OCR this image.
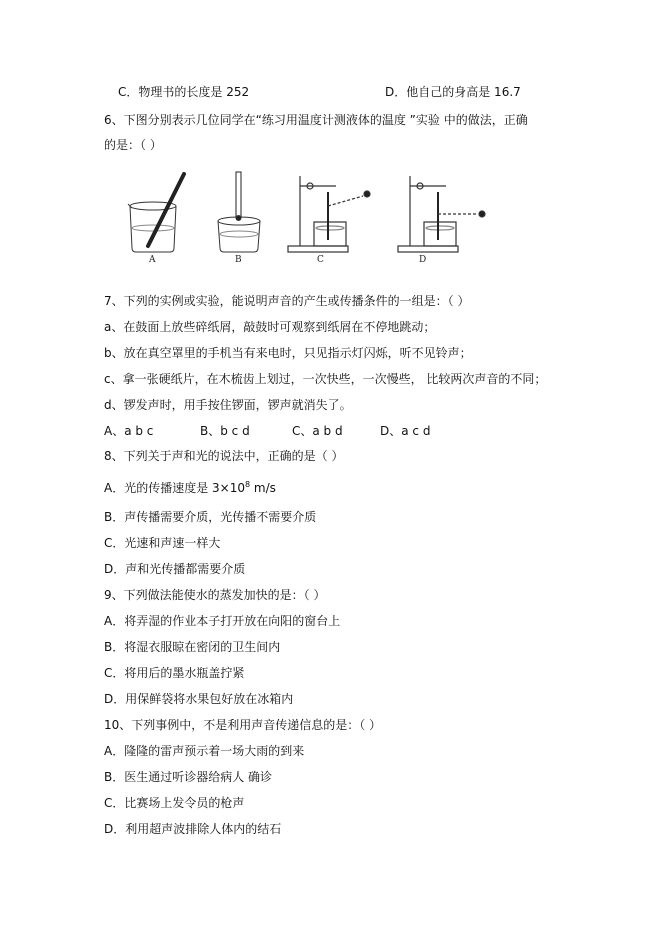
C．物理书的长度是 252	D．他自己的身高是 16.7
6、下图分别表示几位同学在“练习用温度计测液体的温度 ”实验 中的做法，正确
的是：（ ）
A	B	C	D
7、下列的实例或实验，能说明声音的产生或传播条件的一组是：（ ）
a、在鼓面上放些碎纸屑，敲鼓时可观察到纸屑在不停地跳动；
b、放在真空罩里的手机当有来电时，只见指示灯闪烁，听不见铃声；
c、拿一张硬纸片，在木梳齿上划过，一次快些，一次慢些， 比较两次声音的不同；
d、锣发声时，用手按住锣面，锣声就消失了。
A、a b c	B、b c d	C、a b d	D、a c d
8、下列关于声和光的说法中，正确的是（ ）
A．光的传播速度是 $3\times 10^8$ m/s
B．声传播需要介质，光传播不需要介质
C．光速和声速一样大
D．声和光传播都需要介质
9、下列做法能使水的蒸发加快的是：（ ）
A．将弄湿的作业本子打开放在向阳的窗台上
B．将湿衣服晾在密闭的卫生间内
C．将用后的墨水瓶盖拧紧
D．用保鲜袋将水果包好放在冰箱内
10、下列事例中，不是利用声音传递信息的是：（ ）
A．隆隆的雷声预示着一场大雨的到来
B．医生通过听诊器给病人 确诊
C．比赛场上发令员的枪声
D．利用超声波排除人体内的结石
